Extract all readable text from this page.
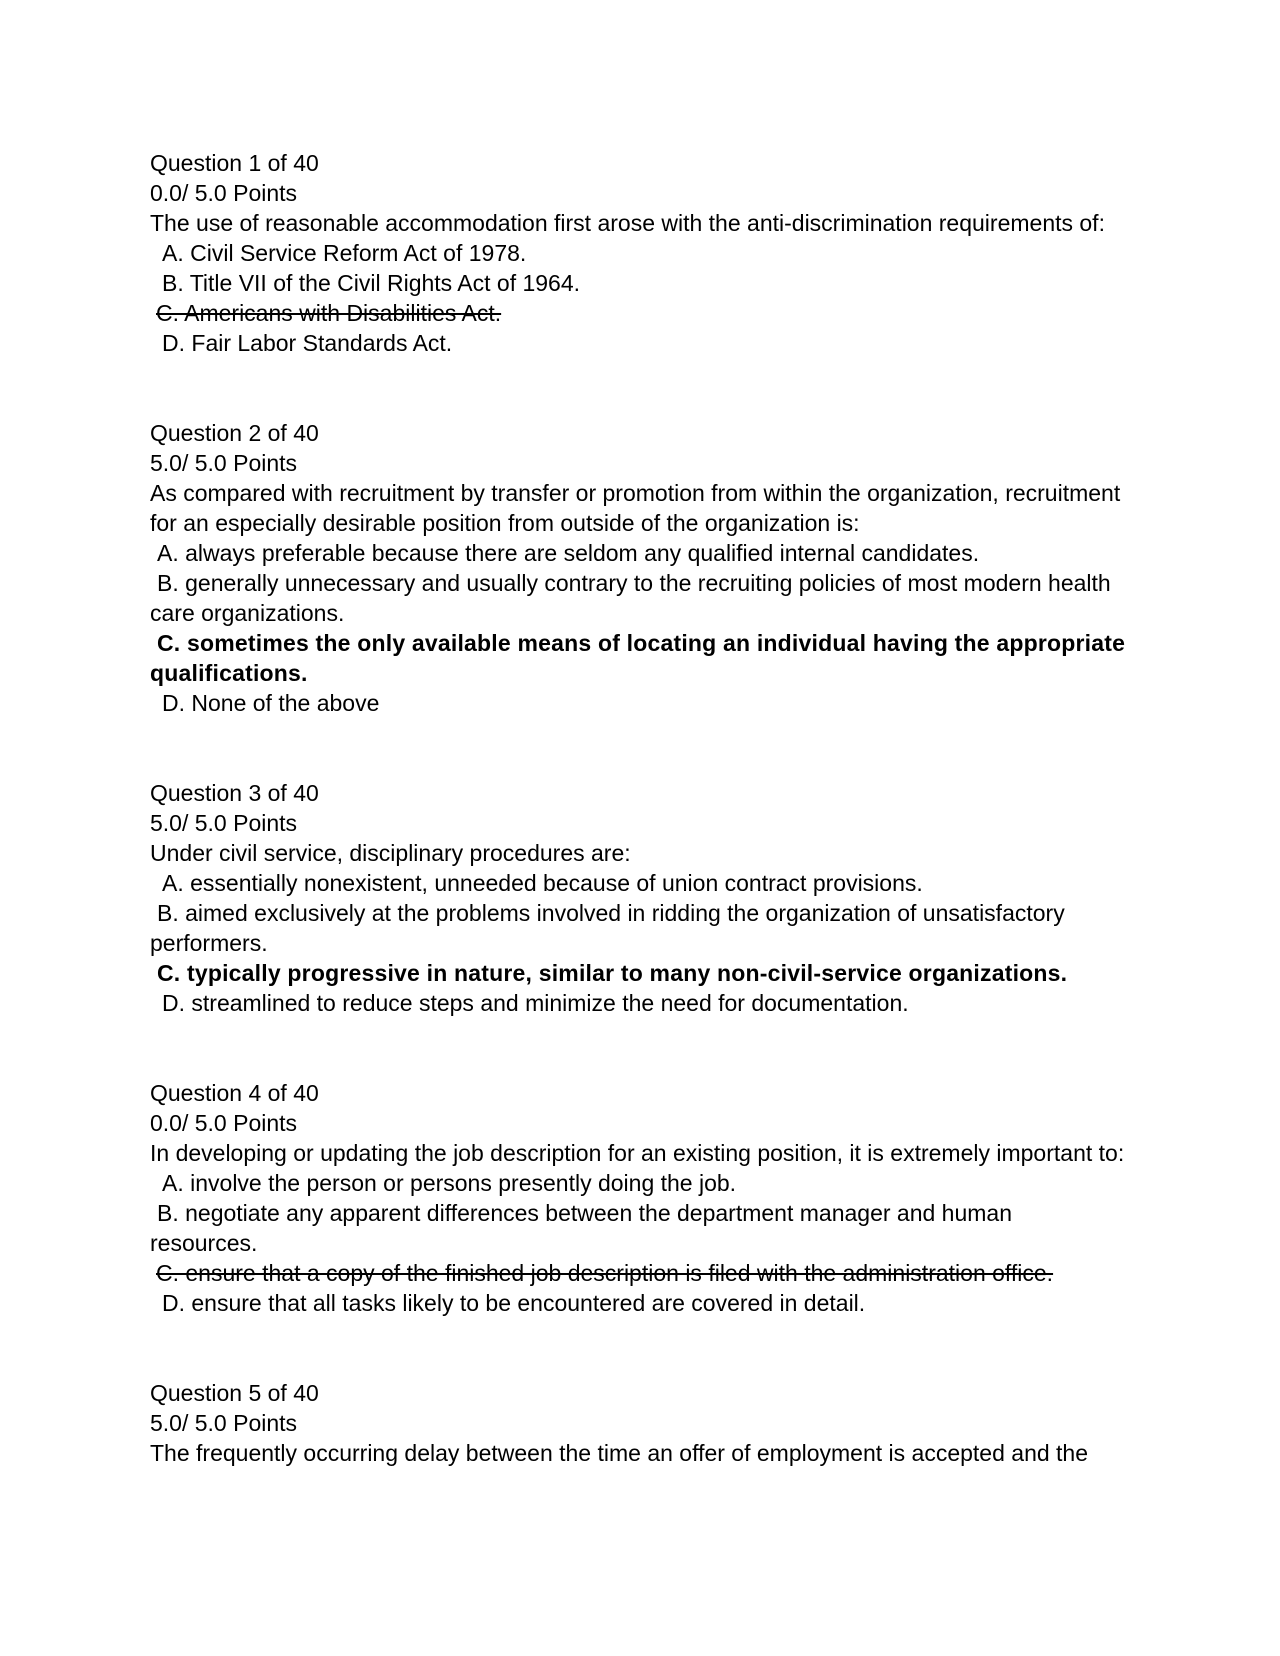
Question 1 of 40
0.0/ 5.0 Points
The use of reasonable accommodation first arose with the anti-discrimination requirements of:
A. Civil Service Reform Act of 1978.
B. Title VII of the Civil Rights Act of 1964.
C. Americans with Disabilities Act.
D. Fair Labor Standards Act.
Question 2 of 40
5.0/ 5.0 Points
As compared with recruitment by transfer or promotion from within the organization, recruitment
for an especially desirable position from outside of the organization is:
A. always preferable because there are seldom any qualified internal candidates.
B. generally unnecessary and usually contrary to the recruiting policies of most modern health
care organizations.
C. sometimes the only available means of locating an individual having the appropriate
qualifications.
D. None of the above
Question 3 of 40
5.0/ 5.0 Points
Under civil service, disciplinary procedures are:
A. essentially nonexistent, unneeded because of union contract provisions.
B. aimed exclusively at the problems involved in ridding the organization of unsatisfactory
performers.
C. typically progressive in nature, similar to many non-civil-service organizations.
D. streamlined to reduce steps and minimize the need for documentation.
Question 4 of 40
0.0/ 5.0 Points
In developing or updating the job description for an existing position, it is extremely important to:
A. involve the person or persons presently doing the job.
B. negotiate any apparent differences between the department manager and human
resources.
C. ensure that a copy of the finished job description is filed with the administration office.
D. ensure that all tasks likely to be encountered are covered in detail.
Question 5 of 40
5.0/ 5.0 Points
The frequently occurring delay between the time an offer of employment is accepted and the
